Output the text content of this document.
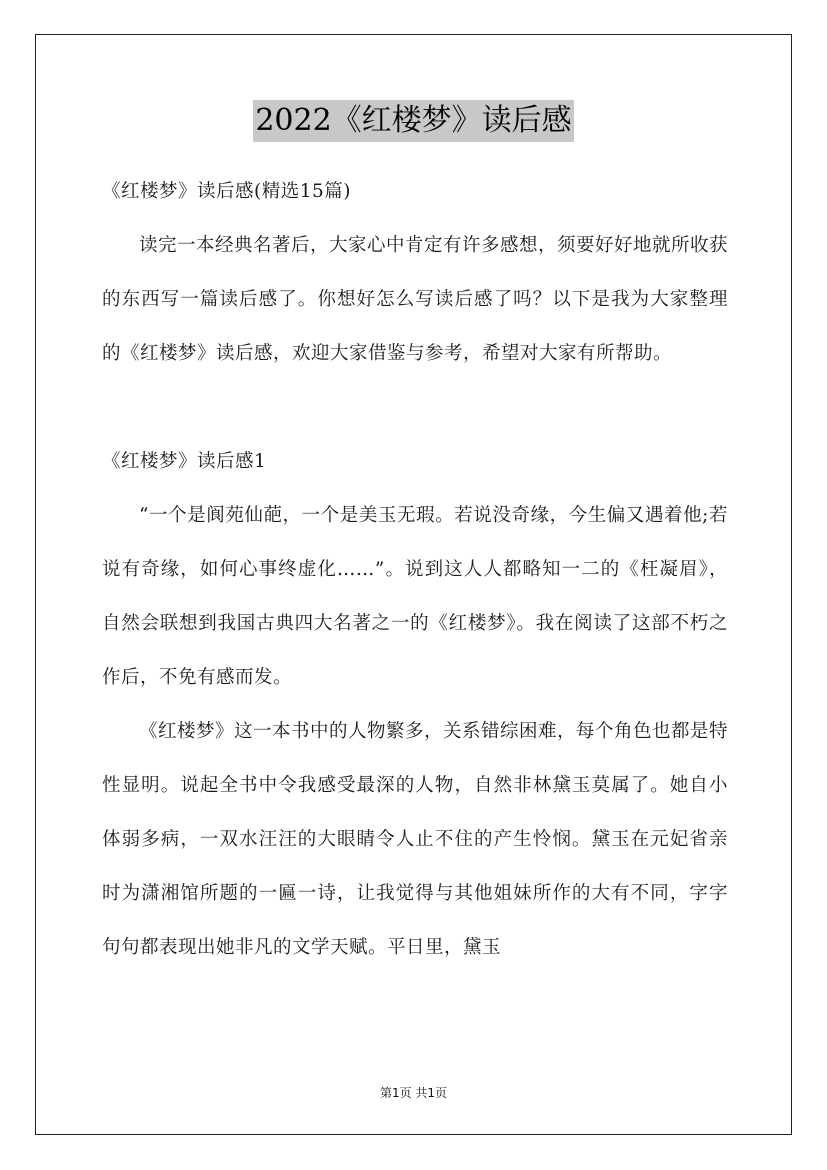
2022《红楼梦》读后感

《红楼梦》读后感(精选15篇)

读完一本经典名著后，大家心中肯定有许多感想，须要好好地就所收获的东西写一篇读后感了。你想好怎么写读后感了吗？以下是我为大家整理的《红楼梦》读后感，欢迎大家借鉴与参考，希望对大家有所帮助。

《红楼梦》读后感1

“一个是阆苑仙葩，一个是美玉无瑕。若说没奇缘，今生偏又遇着他;若说有奇缘，如何心事终虚化……”。说到这人人都略知一二的《枉凝眉》，自然会联想到我国古典四大名著之一的《红楼梦》。我在阅读了这部不朽之作后，不免有感而发。

《红楼梦》这一本书中的人物繁多，关系错综困难，每个角色也都是特性显明。说起全书中令我感受最深的人物，自然非林黛玉莫属了。她自小体弱多病，一双水汪汪的大眼睛令人止不住的产生怜悯。黛玉在元妃省亲时为潇湘馆所题的一匾一诗，让我觉得与其他姐妹所作的大有不同，字字句句都表现出她非凡的文学天赋。平日里，黛玉

第1页 共1页
